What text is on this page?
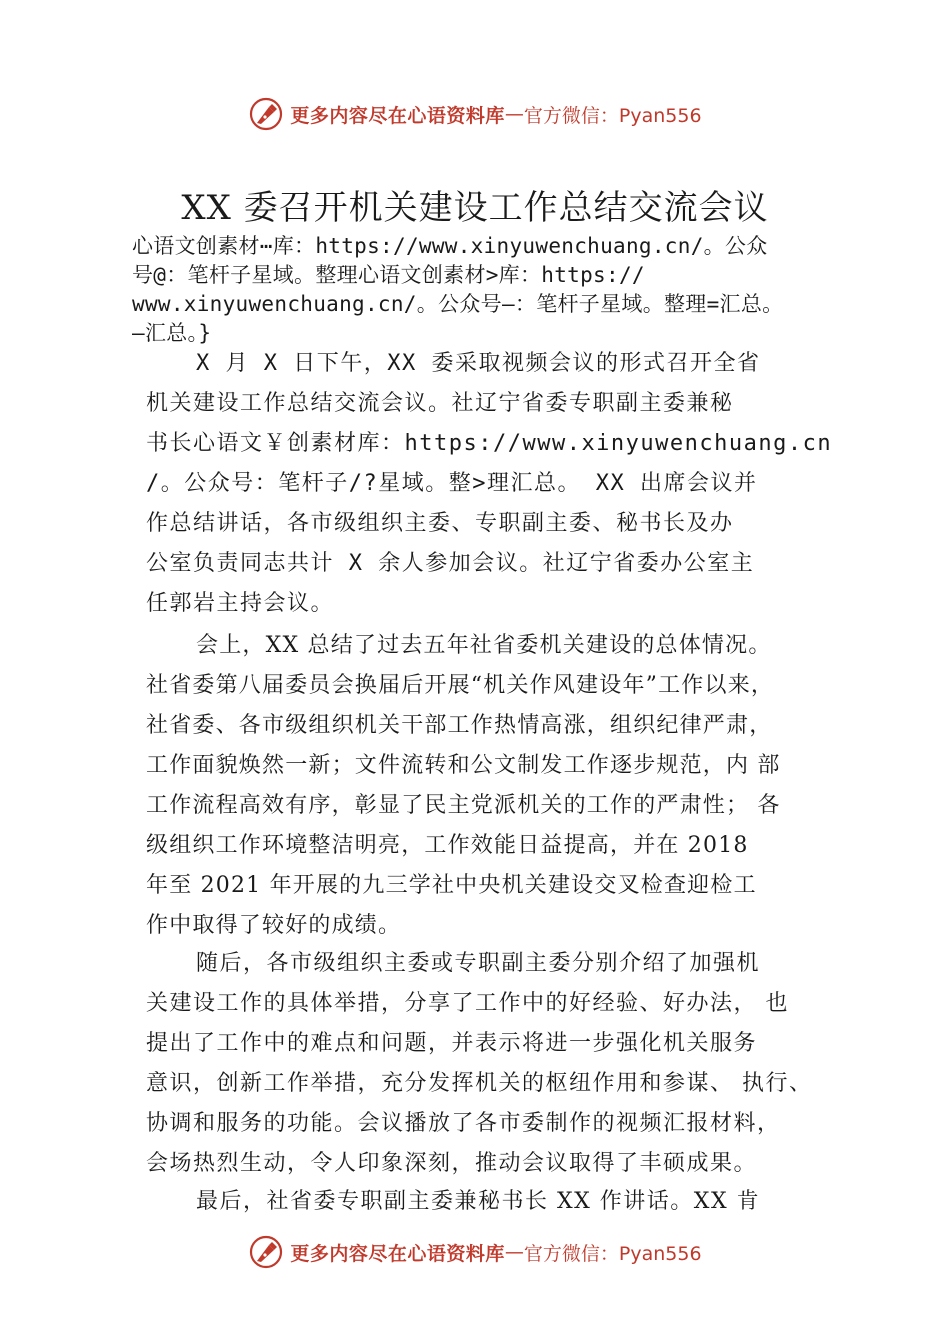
更多内容尽在心语资料库 — 官方微信：Pyan556
XX 委召开机关建设工作总结交流会议
心语文创素材⋯库：https://www.xinyuwenchuang.cn/。公众
号@：笔杆子星域。整理心语文创素材>库：https://
www.xinyuwenchuang.cn/。公众号—：笔杆子星域。整理=汇总。
—汇总。}
X 月 X 日下午，XX 委采取视频会议的形式召开全省
机关建设工作总结交流会议。社辽宁省委专职副主委兼秘
书长心语文￥创素材库：https://www.xinyuwenchuang.cn
/。公众号：笔杆子/?星域。整>理汇总。 XX 出席会议并
作总结讲话，各市级组织主委、专职副主委、秘书长及办
公室负责同志共计 X 余人参加会议。社辽宁省委办公室主
任郭岩主持会议。
会上，XX 总结了过去五年社省委机关建设的总体情况。
社省委第八届委员会换届后开展“机关作风建设年”工作以来，
社省委、各市级组织机关干部工作热情高涨，组织纪律严肃，
工作面貌焕然一新；文件流转和公文制发工作逐步规范，内 部
工作流程高效有序，彰显了民主党派机关的工作的严肃性； 各
级组织工作环境整洁明亮，工作效能日益提高，并在 2018
年至 2021 年开展的九三学社中央机关建设交叉检查迎检工
作中取得了较好的成绩。
随后，各市级组织主委或专职副主委分别介绍了加强机
关建设工作的具体举措，分享了工作中的好经验、好办法， 也
提出了工作中的难点和问题，并表示将进一步强化机关服务
意识，创新工作举措，充分发挥机关的枢纽作用和参谋、 执行、
协调和服务的功能。会议播放了各市委制作的视频汇报材料，
会场热烈生动，令人印象深刻，推动会议取得了丰硕成果。
最后，社省委专职副主委兼秘书长 XX 作讲话。XX 肯
更多内容尽在心语资料库 — 官方微信：Pyan556
